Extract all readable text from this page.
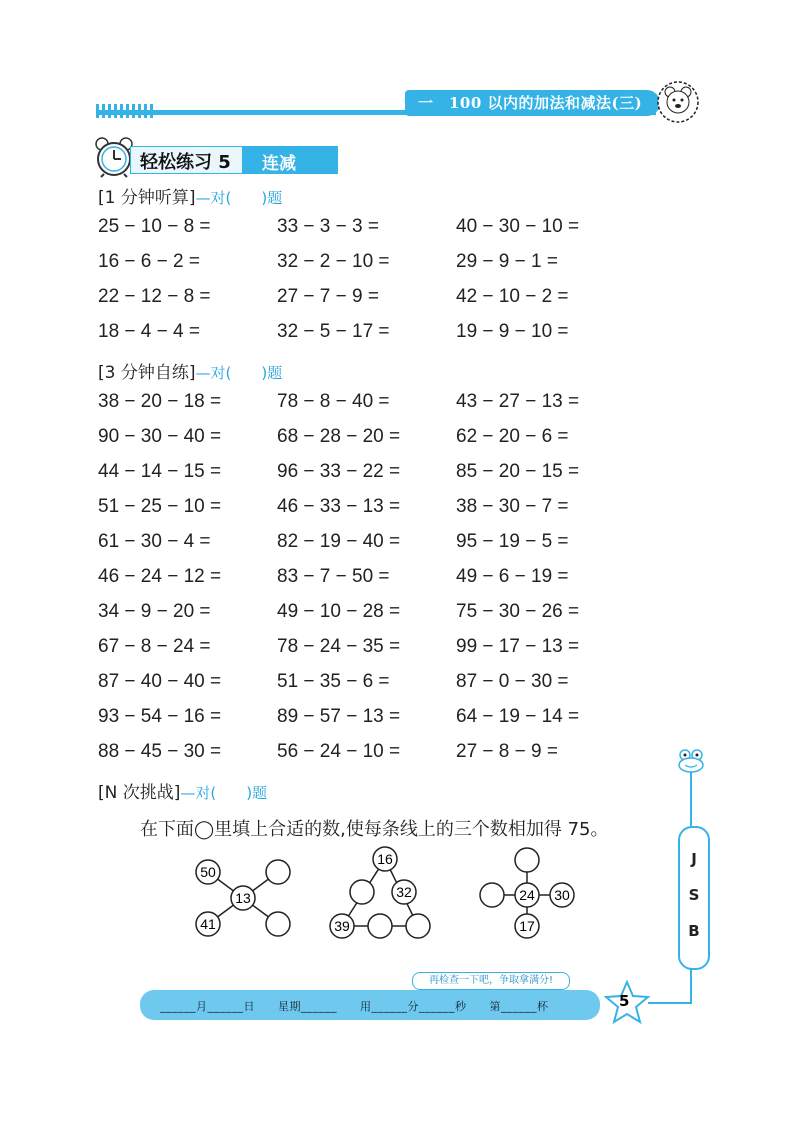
一　100 以内的加法和减法(三)
轻松练习 5 连减
[1 分钟听算]—对(　　)题
25 − 10 − 8 =	33 − 3 − 3 =	40 − 30 − 10 =
16 − 6 − 2 =	32 − 2 − 10 =	29 − 9 − 1 =
22 − 12 − 8 =	27 − 7 − 9 =	42 − 10 − 2 =
18 − 4 − 4 =	32 − 5 − 17 =	19 − 9 − 10 =
[3 分钟自练]—对(　　)题
38 − 20 − 18 =	78 − 8 − 40 =	43 − 27 − 13 =
90 − 30 − 40 =	68 − 28 − 20 =	62 − 20 − 6 =
44 − 14 − 15 =	96 − 33 − 22 =	85 − 20 − 15 =
51 − 25 − 10 =	46 − 33 − 13 =	38 − 30 − 7 =
61 − 30 − 4 =	82 − 19 − 40 =	95 − 19 − 5 =
46 − 24 − 12 =	83 − 7 − 50 =	49 − 6 − 19 =
34 − 9 − 20 =	49 − 10 − 28 =	75 − 30 − 26 =
67 − 8 − 24 =	78 − 24 − 35 =	99 − 17 − 13 =
87 − 40 − 40 =	51 − 35 − 6 =	87 − 0 − 30 =
93 − 54 − 16 =	89 − 57 − 13 =	64 − 19 − 14 =
88 − 45 − 30 =	56 − 24 − 10 =	27 − 8 − 9 =
[N 次挑战]—对(　　)题
在下面◯里填上合适的数,使每条线上的三个数相加得 75。
50
13
41
16
32
39
24 30
17
J
S
B
再检查一下吧，争取拿满分!
______月______日　　星期______　　用______分______秒　　第______杯	5
